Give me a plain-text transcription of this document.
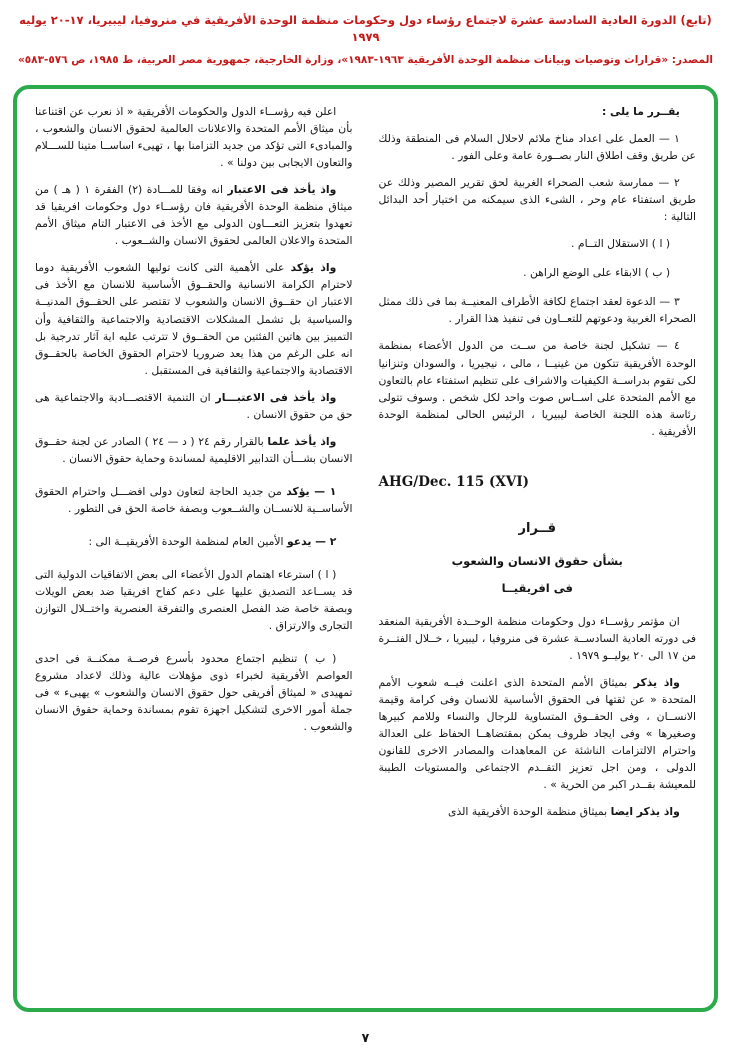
(تابع) الدورة العادية السادسة عشرة لاجتماع رؤساء دول وحكومات منظمة الوحدة الأفريقية في منروفيا، ليبيريا، ١٧-٢٠ يوليه ١٩٧٩
المصدر: «قرارات وتوصيات وبيانات منظمة الوحدة الأفريقية ١٩٦٣-١٩٨٣»، وزارة الخارجية، جمهورية مصر العربية، ط ١٩٨٥، ص ٥٧٦-٥٨٣»

يقــرر ما يلى :

١ — العمل على اعداد مناخ ملائم لاحلال السلام فى المنطقة وذلك عن طريق وقف اطلاق النار بصــورة عامة وعلى الفور .

٢ — ممارسة شعب الصحراء الغربية لحق تقرير المصير وذلك عن طريق استفتاء عام وحر ، الشىء الذى سيمكنه من اختيار أحد البدائل التالية :

( ا ) الاستقلال التــام .

( ب ) الابقاء على الوضع الراهن .

٣ — الدعوة لعقد اجتماع لكافة الأطراف المعنيــة بما فى ذلك ممثل الصحراء الغربية ودعوتهم للتعــاون فى تنفيذ هذا القرار .

٤ — تشكيل لجنة خاصة من ســت من الدول الأعضاء بمنظمة الوحدة الأفريقية تتكون من غينيــا ، مالى ، نيجيريا ، والسودان وتنزانيا لكى تقوم بدراســة الكيفيات والاشراف على تنظيم استفتاء عام بالتعاون مع الأمم المتحدة على اســاس صوت واحد لكل شخص . وسوف تتولى رئاسة هذه اللجنة الخاصة ليبيريا ، الرئيس الحالى لمنظمة الوحدة الأفريقية .

AHG/Dec. 115 (XVI)

قــرار
بشأن حقوق الانسان والشعوب
فى افريقيــا

ان مؤتمر رؤســاء دول وحكومات منظمة الوحــدة الأفريقية المنعقد فى دورته العادية السادســة عشرة فى منروفيا ، ليبيريا ، خــلال الفتــرة من ١٧ الى ٢٠ يوليــو ١٩٧٩ .

واذ يذكر بميثاق الأمم المتحدة الذى اعلنت فيــه شعوب الأمم المتحدة « عن ثقتها فى الحقوق الأساسية للانسان وفى كرامة وقيمة الانســان ، وفى الحقــوق المتساوية للرجال والنساء وللامم كبيرها وصغيرها » وفى ايجاد ظروف يمكن بمقتضاهــا الحفاظ على العدالة واحترام الالتزامات الناشئة عن المعاهدات والمصادر الاخرى للقانون الدولى ، ومن اجل تعزيز التقــدم الاجتماعى والمستويات الطيبة للمعيشة بقــدر اكبر من الحرية » .

واذ يذكر ايضا بميثاق منظمة الوحدة الأفريقية الذى

اعلن فيه رؤســاء الدول والحكومات الأفريقية « اذ نعرب عن اقتناعنا بأن ميثاق الأمم المتحدة والاعلانات العالمية لحقوق الانسان والشعوب ، والمبادىء التى تؤكد من جديد التزامنا بها ، تهيىء اساســا متينا للســـلام والتعاون الايجابى بين دولنا » .

واذ يأخذ فى الاعتبار انه وفقا للمـــادة (٢) الفقرة ١ ( هـ ) من ميثاق منظمة الوحدة الأفريقية فان رؤســاء دول وحكومات افريقيا قد تعهدوا بتعزيز التعـــاون الدولى مع الأخذ فى الاعتبار التام ميثاق الأمم المتحدة والاعلان العالمى لحقوق الانسان والشــعوب .

واذ يؤكد على الأهمية التى كانت توليها الشعوب الأفريقية دوما لاحترام الكرامة الانسانية والحقــوق الأساسية للانسان مع الأخذ فى الاعتبار ان حقــوق الانسان والشعوب لا تقتصر على الحقــوق المدنيــة والسياسية بل تشمل المشكلات الاقتصادية والاجتماعية والثقافية وأن التمييز بين هاتين الفئتين من الحقــوق لا تترتب عليه اية آثار تدرجية بل انه على الرغم من هذا يعد ضروريا لاحترام الحقوق الخاصة بالحقــوق الاقتصادية والاجتماعية والثقافية فى المستقبل .

واذ يأخذ فى الاعتبـــار ان التنمية الاقتصـــادية والاجتماعية هى حق من حقوق الانسان .

واذ يأخذ علما بالقرار رقم ٢٤ ( د — ٢٤ ) الصادر عن لجنة حقــوق الانسان بشـــأن التدابير الاقليمية لمساندة وحماية حقوق الانسان .

١ — يؤكد من جديد الحاجة لتعاون دولى افضـــل واحترام الحقوق الأساســية للانســان والشــعوب وبصفة خاصة الحق فى التطور .

٢ — يدعو الأمين العام لمنظمة الوحدة الأفريقيــة الى :

( ا ) استرعاء اهتمام الدول الأعضاء الى بعض الاتفاقيات الدولية التى قد يســاعد التصديق عليها على دعم كفاح افريقيا ضد بعض الويلات وبصفة خاصة ضد الفصل العنصرى والتفرقة العنصرية واختــلال التوازن التجارى والارتزاق .

( ب ) تنظيم اجتماع محدود بأسرع فرصــة ممكنــة فى احدى العواصم الأفريقية لخبراء ذوى مؤهلات عالية وذلك لاعداد مشروع تمهيدى « لميثاق أفريقى حول حقوق الانسان والشعوب » يهيىء » فى جملة أمور الاخرى لتشكيل اجهزة تقوم بمساندة وحماية حقوق الانسان والشعوب .

٧
